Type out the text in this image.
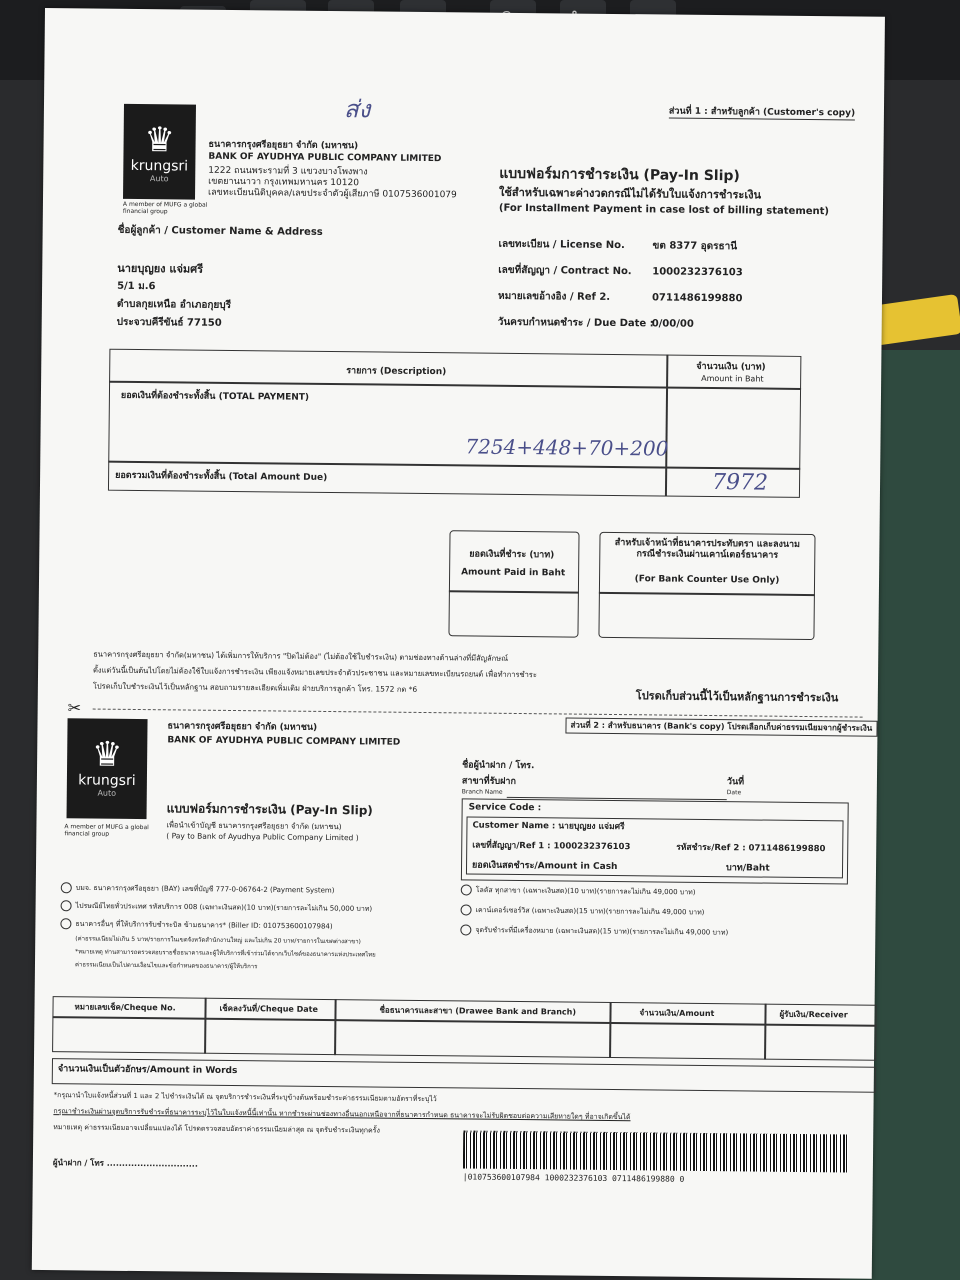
ส่ง	ส่วนที่ 1 : สำหรับลูกค้า (Customer's copy)
♛
krungsri
Auto
A member of MUFG a global financial group
ธนาคารกรุงศรีอยุธยา จำกัด (มหาชน)
BANK OF AYUDHYA PUBLIC COMPANY LIMITED
1222 ถนนพระรามที่ 3 แขวงบางโพงพาง
เขตยานนาวา กรุงเทพมหานคร 10120
เลขทะเบียนนิติบุคคล/เลขประจำตัวผู้เสียภาษี 0107536001079
แบบฟอร์มการชำระเงิน (Pay-In Slip)
ใช้สำหรับเฉพาะค่างวดกรณีไม่ได้รับใบแจ้งการชำระเงิน
(For Installment Payment in case lost of billing statement)
ชื่อผู้ลูกค้า / Customer Name & Address
นายบุญยง แจ่มศรี
5/1 ม.6
ตำบลกุยเหนือ อำเภอกุยบุรี
ประจวบคีรีขันธ์ 77150
เลขทะเบียน / License No.	ขต 8377 อุดรธานี
เลขที่สัญญา / Contract No. 1000232376103
หมายเลขอ้างอิง / Ref 2.	0711486199880
วันครบกำหนดชำระ / Due Date :
0/00/00
รายการ (Description)	จำนวนเงิน (บาท)
Amount in Baht
ยอดเงินที่ต้องชำระทั้งสิ้น (TOTAL PAYMENT)
7254+448+70+200
ยอดรวมเงินที่ต้องชำระทั้งสิ้น (Total Amount Due)	7972
ยอดเงินที่ชำระ (บาท)
Amount Paid in Baht
สำหรับเจ้าหน้าที่ธนาคารประทับตรา และลงนาม กรณีชำระเงินผ่านเคาน์เตอร์ธนาคาร
(For Bank Counter Use Only)
ธนาคารกรุงศรีอยุธยา จำกัด(มหาชน) ได้เพิ่มการให้บริการ "ปิดไม่ต้อง" (ไม่ต้องใช้ใบชำระเงิน) ตามช่องทางด้านล่างที่มีสัญลักษณ์
ตั้งแต่วันนี้เป็นต้นไปโดยไม่ต้องใช้ใบแจ้งการชำระเงิน เพียงแจ้งหมายเลขประจำตัวประชาชน และหมายเลขทะเบียนรถยนต์ เพื่อทำการชำระ
โปรดเก็บใบชำระเงินไว้เป็นหลักฐาน สอบถามรายละเอียดเพิ่มเติม ฝ่ายบริการลูกค้า โทร. 1572 กด *6
โปรดเก็บส่วนนี้ไว้เป็นหลักฐานการชำระเงิน
✂
ส่วนที่ 2 : สำหรับธนาคาร (Bank's copy) โปรดเลือกเก็บค่าธรรมเนียมจากผู้ชำระเงิน
♛
krungsri
Auto
A member of MUFG a global financial group
ธนาคารกรุงศรีอยุธยา จำกัด (มหาชน)
BANK OF AYUDHYA PUBLIC COMPANY LIMITED
แบบฟอร์มการชำระเงิน (Pay-In Slip)
เพื่อนำเข้าบัญชี ธนาคารกรุงศรีอยุธยา จำกัด (มหาชน)
( Pay to Bank of Ayudhya Public Company Limited )
ชื่อผู้นำฝาก / โทร.
สาขาที่รับฝาก
Branch Name
วันที่
Date
Service Code :
Customer Name : นายบุญยง แจ่มศรี
เลขที่สัญญา/Ref 1 : 1000232376103	รหัสชำระ/Ref 2 : 0711486199880
ยอดเงินสดชำระ/Amount in Cash	บาท/Baht
บมจ. ธนาคารกรุงศรีอยุธยา (BAY) เลขที่บัญชี 777-0-06764-2 (Payment System)
ไปรษณีย์ไทยทั่วประเทศ รหัสบริการ 008 (เฉพาะเงินสด)(10 บาท)(รายการละไม่เกิน 50,000 บาท)
ธนาคารอื่นๆ ที่ให้บริการรับชำระบิล ข้ามธนาคาร* (Biller ID: 010753600107984)
(ค่าธรรมเนียมไม่เกิน 5 บาท/รายการในเขตจังหวัดสำนักงานใหญ่ และไม่เกิน 20 บาท/รายการในเขตต่างสาขา)
*หมายเหตุ ท่านสามารถตรวจสอบรายชื่อธนาคารและผู้ให้บริการที่เข้าร่วมได้จากเว็บไซต์ของธนาคารแห่งประเทศไทย
ค่าธรรมเนียมเป็นไปตามเงื่อนไขและข้อกำหนดของธนาคาร/ผู้ให้บริการ
โลตัส ทุกสาขา (เฉพาะเงินสด)(10 บาท)(รายการละไม่เกิน 49,000 บาท)
เคาน์เตอร์เซอร์วิส (เฉพาะเงินสด)(15 บาท)(รายการละไม่เกิน 49,000 บาท)
จุดรับชำระที่มีเครื่องหมาย (เฉพาะเงินสด)(15 บาท)(รายการละไม่เกิน 49,000 บาท)
หมายเลขเช็ค/Cheque No.	เช็คลงวันที่/Cheque Date	ชื่อธนาคารและสาขา (Drawee Bank and Branch)	จำนวนเงิน/Amount	ผู้รับเงิน/Receiver
จำนวนเงินเป็นตัวอักษร/Amount in Words
*กรุณานำใบแจ้งหนี้ส่วนที่ 1 และ 2 ไปชำระเงินได้ ณ จุดบริการชำระเงินที่ระบุข้างต้นพร้อมชำระค่าธรรมเนียมตามอัตราที่ระบุไว้
กรุณาชำระเงินผ่านจุดบริการรับชำระที่ธนาคารระบุไว้ในใบแจ้งหนี้นี้เท่านั้น หากชำระผ่านช่องทางอื่นนอกเหนือจากที่ธนาคารกำหนด ธนาคารจะไม่รับผิดชอบต่อความเสียหายใดๆ ที่อาจเกิดขึ้นได้
หมายเหตุ ค่าธรรมเนียมอาจเปลี่ยนแปลงได้ โปรดตรวจสอบอัตราค่าธรรมเนียมล่าสุด ณ จุดรับชำระเงินทุกครั้ง
ผู้นำฝาก / โทร ..............................
|010753600107984 1000232376103 0711486199880 0
